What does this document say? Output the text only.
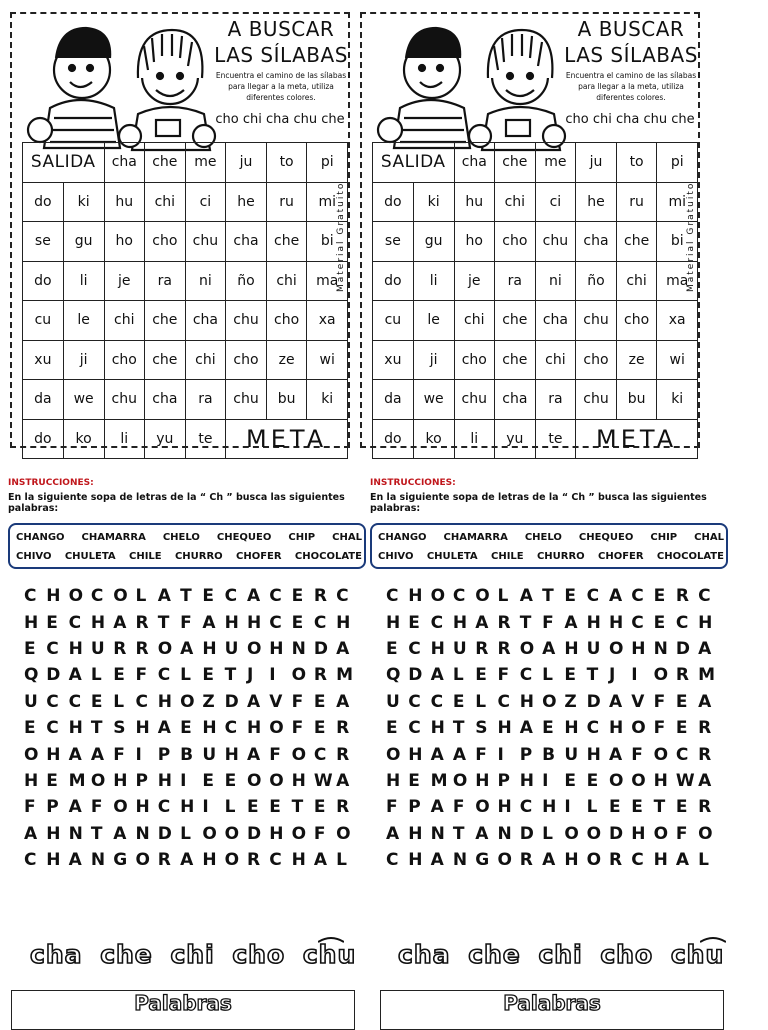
A BUSCAR
LAS SÍLABAS
Encuentra el camino de las sílabas para llegar a la meta, utiliza diferentes colores.
cho chi cha chu che
Material Gratuito
SALIDA		cha	che	me	ju	to	pi
do	ki	hu	chi	ci	he	ru	mi
se	gu	ho	cho	chu	cha	che	bi
do	li	je	ra	ni	ño	chi	ma
cu	le	chi	che	cha	chu	cho	xa
xu	ji	cho	che	chi	cho	ze	wi
da	we	chu	cha	ra	chu	bu	ki
do	ko	li	yu	te	META		
A BUSCAR
LAS SÍLABAS
Encuentra el camino de las sílabas para llegar a la meta, utiliza diferentes colores.
cho chi cha chu che
Material Gratuito
SALIDA		cha	che	me	ju	to	pi
do	ki	hu	chi	ci	he	ru	mi
se	gu	ho	cho	chu	cha	che	bi
do	li	je	ra	ni	ño	chi	ma
cu	le	chi	che	cha	chu	cho	xa
xu	ji	cho	che	chi	cho	ze	wi
da	we	chu	cha	ra	chu	bu	ki
do	ko	li	yu	te	META		
INSTRUCCIONES:
En la siguiente sopa de letras de la “ Ch ” busca las siguientes palabras:
CHANGO CHAMARRA CHELO CHEQUEO CHIP CHAL
CHIVO CHULETA CHILE CHURRO CHOFER CHOCOLATE
C H O C O L A T E C A C E R C
H E C H A R T F A H H C E C H
E C H U R R O A H U O H N D A
Q D A L E F C L E T J I O R M
U C C E L C H O Z D A V F E A
E C H T S H A E H C H O F E R
O H A A F I P B U H A F O C R
H E M O H P H I E E O O H W A
F P A F O H C H I L E E T E R
A H N T A N D L O O D H O F O
C H A N G O R A H O R C H A L
INSTRUCCIONES:
En la siguiente sopa de letras de la “ Ch ” busca las siguientes palabras:
CHANGO CHAMARRA CHELO CHEQUEO CHIP CHAL
CHIVO CHULETA CHILE CHURRO CHOFER CHOCOLATE
C H O C O L A T E C A C E R C
H E C H A R T F A H H C E C H
E C H U R R O A H U O H N D A
Q D A L E F C L E T J I O R M
U C C E L C H O Z D A V F E A
E C H T S H A E H C H O F E R
O H A A F I P B U H A F O C R
H E M O H P H I E E O O H W A
F P A F O H C H I L E E T E R
A H N T A N D L O O D H O F O
C H A N G O R A H O R C H A L
cha che chi cho chu cha che chi cho chu
Palabras	Palabras
